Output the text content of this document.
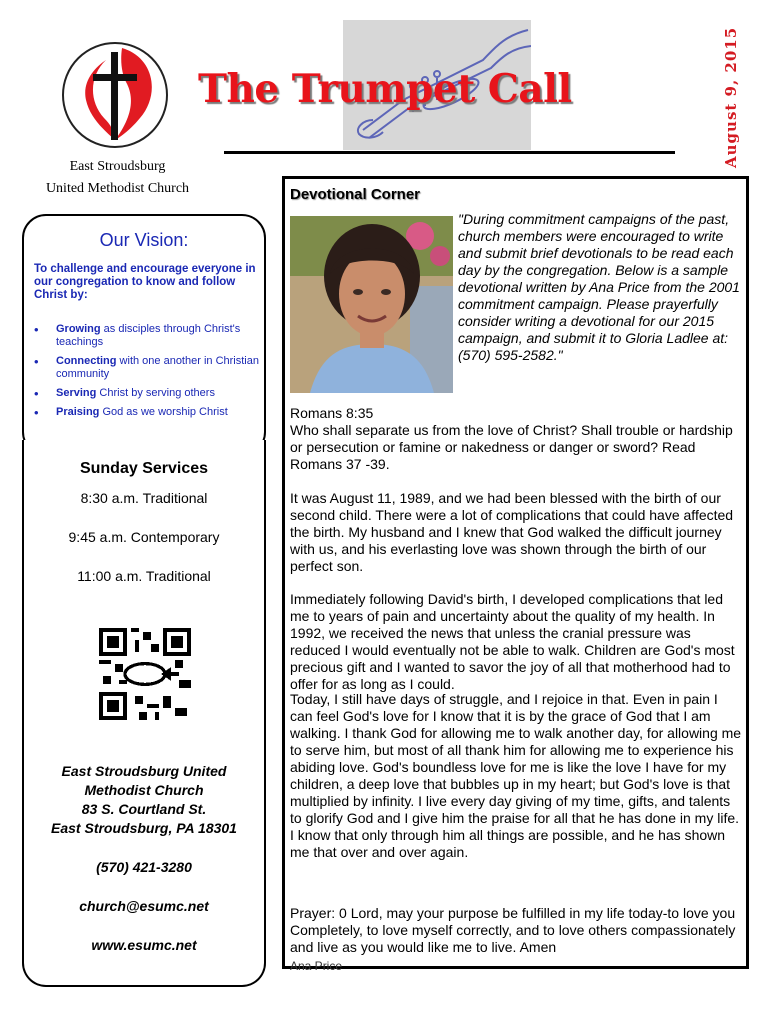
East Stroudsburg
United Methodist Church
The Trumpet Call	August 9, 2015
Our Vision:
To challenge and encourage everyone in our congregation to know and follow Christ by:
• Growing as disciples through Christ's teachings
• Connecting with one another in Christian community
• Serving Christ by serving others
• Praising God as we worship Christ
Sunday Services
8:30 a.m. Traditional
9:45 a.m. Contemporary
11:00 a.m. Traditional
East Stroudsburg United
Methodist Church
83 S. Courtland St.
East Stroudsburg, PA 18301
(570) 421-3280
church@esumc.net
www.esumc.net
Devotional Corner
"During commitment campaigns of the past, church members were encouraged to write and submit brief devotionals to be read each day by the congregation. Below is a sample devotional written by Ana Price from the 2001 commitment campaign. Please prayerfully consider writing a devotional for our 2015 campaign, and submit it to Gloria Ladlee at: (570) 595-2582."
Romans 8:35
Who shall separate us from the love of Christ? Shall trouble or hardship or persecution or famine or nakedness or danger or sword? Read Romans 37 -39.
It was August 11, 1989, and we had been blessed with the birth of our second child. There were a lot of complications that could have affected the birth. My husband and I knew that God walked the difficult journey with us, and his everlasting love was shown through the birth of our perfect son.
Immediately following David's birth, I developed complications that led me to years of pain and uncertainty about the quality of my health. In 1992, we received the news that unless the cranial pressure was reduced I would eventually not be able to walk. Children are God's most precious gift and I wanted to savor the joy of all that motherhood had to offer for as long as I could.
Today, I still have days of struggle, and I rejoice in that. Even in pain I can feel God's love for I know that it is by the grace of God that I am walking. I thank God for allowing me to walk another day, for allowing me to serve him, but most of all thank him for allowing me to experience his abiding love. God's boundless love for me is like the love I have for my children, a deep love that bubbles up in my heart; but God's love is that multiplied by infinity. I live every day giving of my time, gifts, and talents to glorify God and I give him the praise for all that he has done in my life. I know that only through him all things are possible, and he has shown me that over and over again.
Prayer: 0 Lord, may your purpose be fulfilled in my life today-to love you Completely, to love myself correctly, and to love others compassionately and live as you would like me to live. Amen
Ana Price
